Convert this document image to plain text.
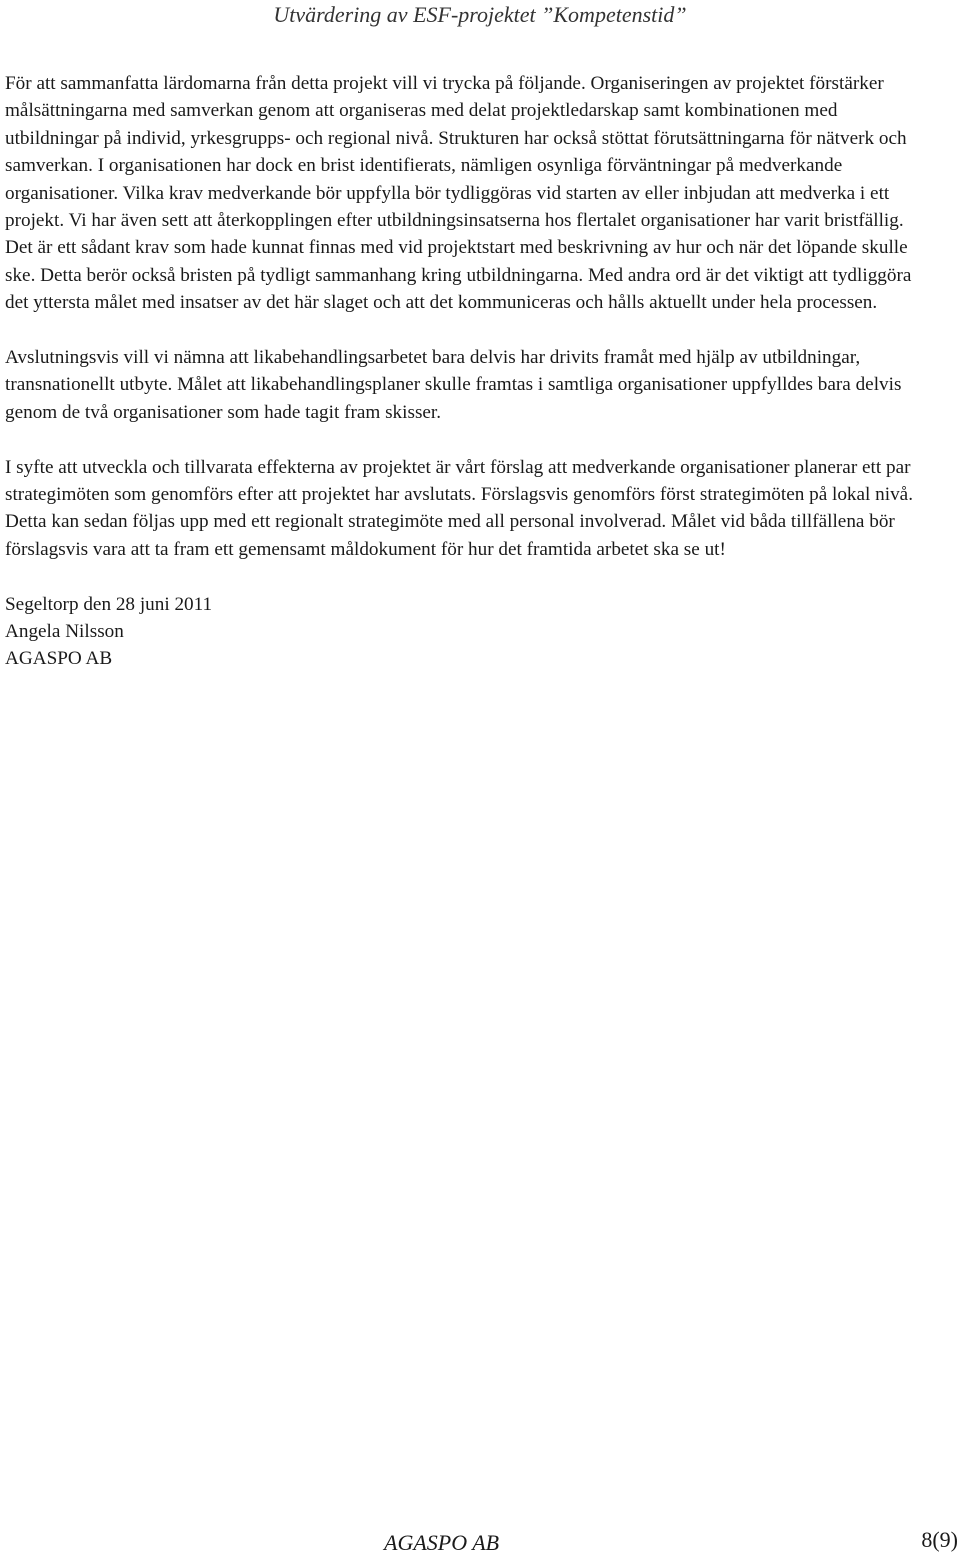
Utvärdering av ESF-projektet ”Kompetenstid”

För att sammanfatta lärdomarna från detta projekt vill vi trycka på följande. Organiseringen av projektet förstärker målsättningarna med samverkan genom att organiseras med delat projektledarskap samt kombinationen med utbildningar på individ, yrkesgrupps- och regional nivå. Strukturen har också stöttat förutsättningarna för nätverk och samverkan. I organisationen har dock en brist identifierats, nämligen osynliga förväntningar på medverkande organisationer. Vilka krav medverkande bör uppfylla bör tydliggöras vid starten av eller inbjudan att medverka i ett projekt. Vi har även sett att återkopplingen efter utbildningsinsatserna hos flertalet organisationer har varit bristfällig. Det är ett sådant krav som hade kunnat finnas med vid projektstart med beskrivning av hur och när det löpande skulle ske. Detta berör också bristen på tydligt sammanhang kring utbildningarna. Med andra ord är det viktigt att tydliggöra det yttersta målet med insatser av det här slaget och att det kommuniceras och hålls aktuellt under hela processen.

Avslutningsvis vill vi nämna att likabehandlingsarbetet bara delvis har drivits framåt med hjälp av utbildningar, transnationellt utbyte. Målet att likabehandlingsplaner skulle framtas i samtliga organisationer uppfylldes bara delvis genom de två organisationer som hade tagit fram skisser.

I syfte att utveckla och tillvarata effekterna av projektet är vårt förslag att medverkande organisationer planerar ett par strategimöten som genomförs efter att projektet har avslutats. Förslagsvis genomförs först strategimöten på lokal nivå. Detta kan sedan följas upp med ett regionalt strategimöte med all personal involverad. Målet vid båda tillfällena bör förslagsvis vara att ta fram ett gemensamt måldokument för hur det framtida arbetet ska se ut!

Segeltorp den 28 juni 2011
Angela Nilsson
AGASPO AB
AGASPO AB	8(9)
